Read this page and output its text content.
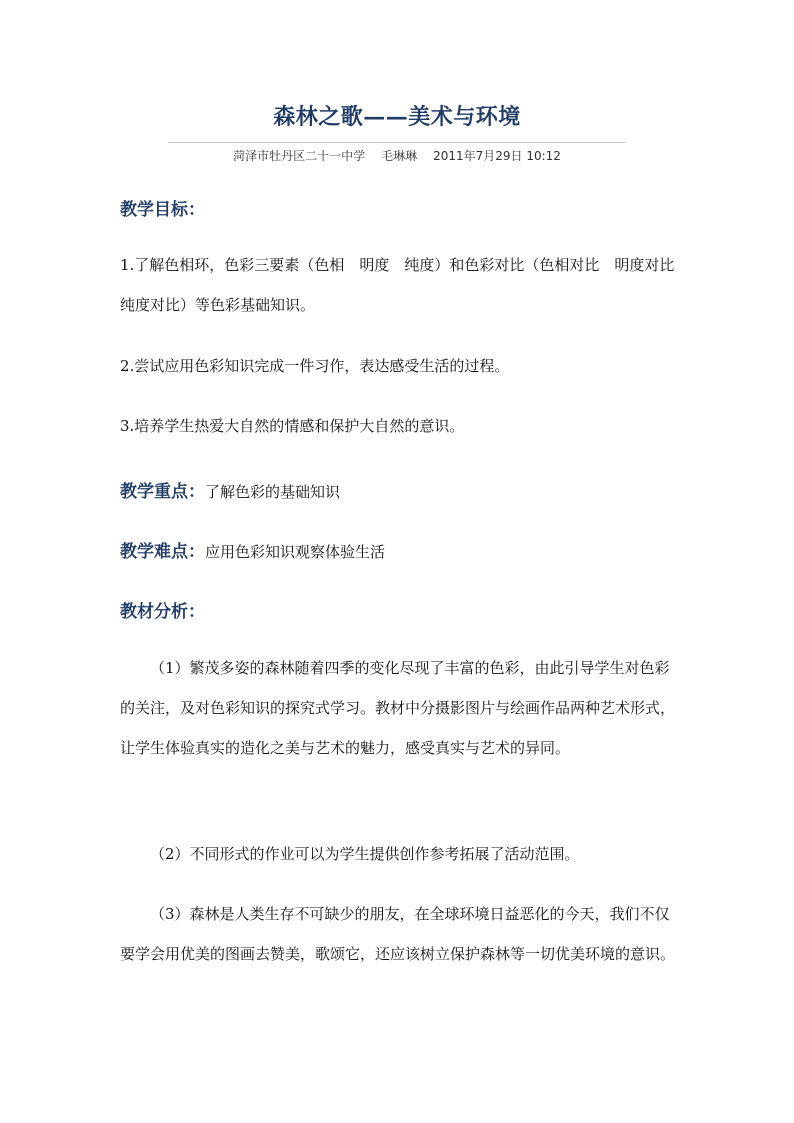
森林之歌——美术与环境
菏泽市牡丹区二十一中学 毛琳琳 2011年7月29日 10:12
教学目标：
1.了解色相环，色彩三要素（色相　明度　纯度）和色彩对比（色相对比　明度对比　纯度对比）等色彩基础知识。
2.尝试应用色彩知识完成一件习作，表达感受生活的过程。
3.培养学生热爱大自然的情感和保护大自然的意识。
教学重点：了解色彩的基础知识
教学难点：应用色彩知识观察体验生活
教材分析：
（1）繁茂多姿的森林随着四季的变化尽现了丰富的色彩，由此引导学生对色彩的关注，及对色彩知识的探究式学习。教材中分摄影图片与绘画作品两种艺术形式，让学生体验真实的造化之美与艺术的魅力，感受真实与艺术的异同。
（2）不同形式的作业可以为学生提供创作参考拓展了活动范围。
（3）森林是人类生存不可缺少的朋友，在全球环境日益恶化的今天，我们不仅要学会用优美的图画去赞美，歌颂它，还应该树立保护森林等一切优美环境的意识。
